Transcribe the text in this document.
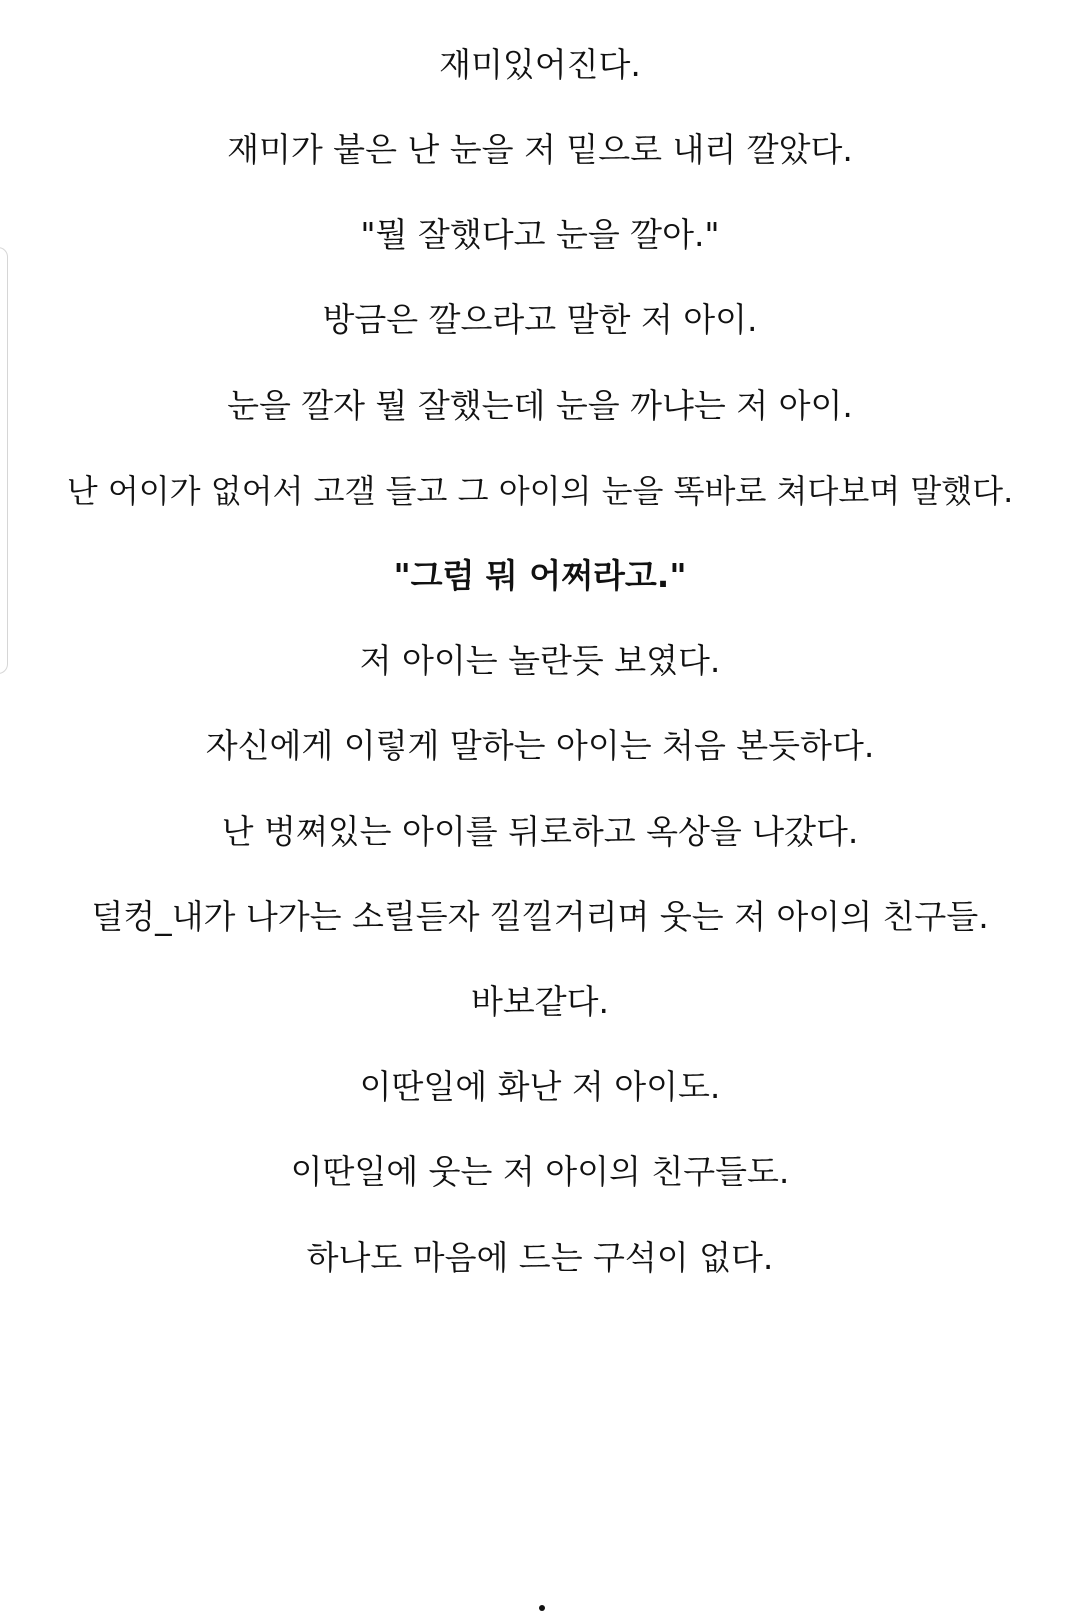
재미있어진다.
재미가 붙은 난 눈을 저 밑으로 내리 깔았다.
"뭘 잘했다고 눈을 깔아."
방금은 깔으라고 말한 저 아이.
눈을 깔자 뭘 잘했는데 눈을 까냐는 저 아이.
난 어이가 없어서 고갤 들고 그 아이의 눈을 똑바로 쳐다보며 말했다.
"그럼 뭐 어쩌라고."
저 아이는 놀란듯 보였다.
자신에게 이렇게 말하는 아이는 처음 본듯하다.
난 벙쪄있는 아이를 뒤로하고 옥상을 나갔다.
덜컹_내가 나가는 소릴듣자 낄낄거리며 웃는 저 아이의 친구들.
바보같다.
이딴일에 화난 저 아이도.
이딴일에 웃는 저 아이의 친구들도.
하나도 마음에 드는 구석이 없다.
